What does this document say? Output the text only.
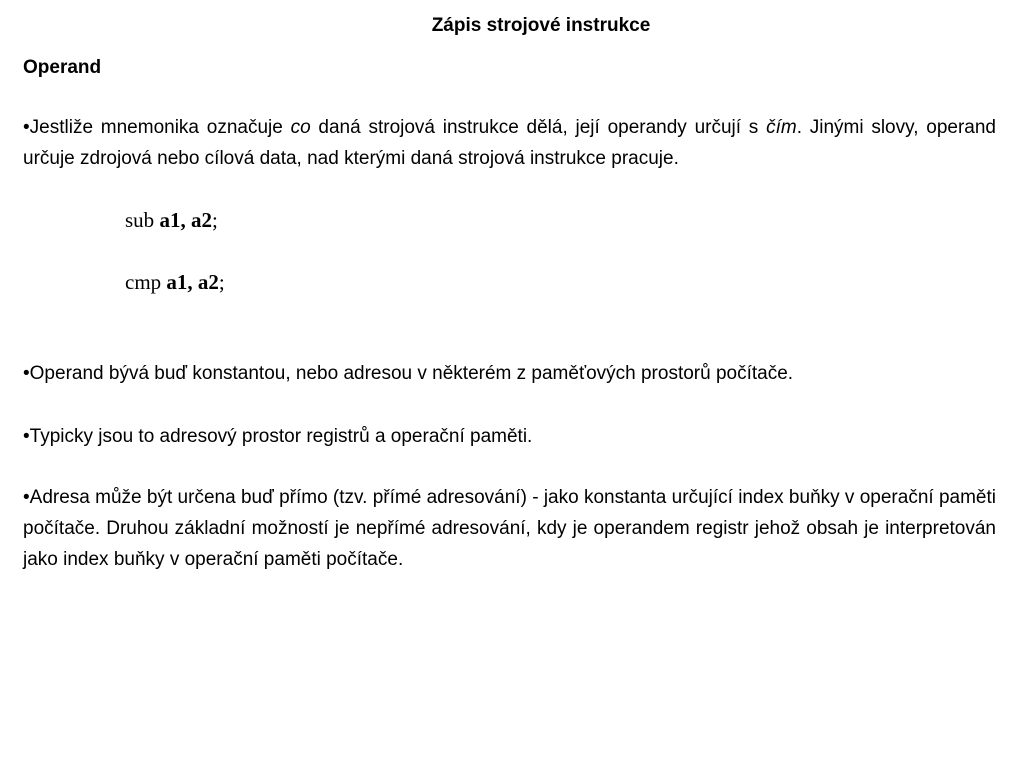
Zápis strojové instrukce
Operand
•Jestliže mnemonika označuje co daná strojová instrukce dělá, její operandy určují s čím. Jinými slovy, operand určuje zdrojová nebo cílová data, nad kterými daná strojová instrukce pracuje.
sub a1, a2;
cmp a1, a2;
•Operand bývá buď konstantou, nebo adresou v některém z paměťových prostorů počítače.
•Typicky jsou to adresový prostor registrů a operační paměti.
•Adresa může být určena buď přímo (tzv. přímé adresování) - jako konstanta určující index buňky v operační paměti počítače. Druhou základní možností je nepřímé adresování, kdy je operandem registr jehož obsah je interpretován jako index buňky v operační paměti počítače.
